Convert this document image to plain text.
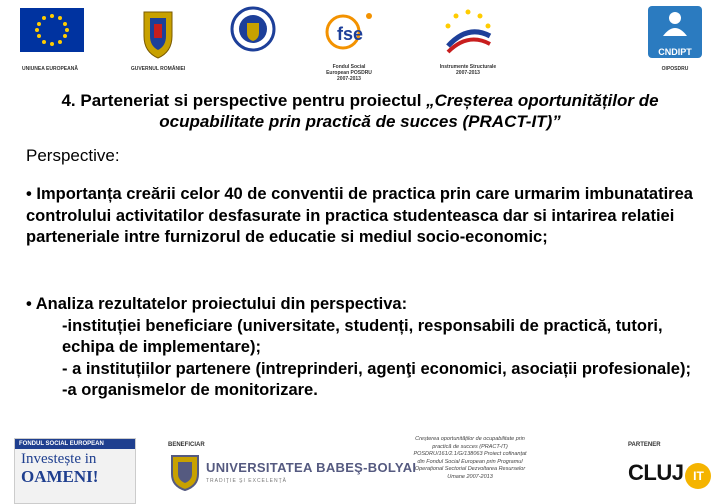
UNIUNEA EUROPEANĂ	GUVERNUL ROMÂNIEI
fse
Fondul Social European POSDRU 2007-2013
Instrumente Structurale 2007-2013
CNDIPT
OIPOSDRU
4. Parteneriat si perspective pentru proiectul „Creșterea oportunităților de ocupabilitate prin practică de succes (PRACT-IT)”
Perspective:
• Importanța creării celor 40 de conventii de practica prin care urmarim imbunatatirea controlului activitatilor desfasurate in practica studenteasca dar si intarirea relatiei parteneriale intre furnizorul de educatie si mediul socio-economic;
• Analiza rezultatelor proiectului din perspectiva:
-instituției beneficiare (universitate, studenți, responsabili de practică, tutori, echipa de implementare);
- a instituțiilor partenere (intreprinderi, agenţi economici, asociații profesionale);
-a organismelor de monitorizare.
FONDUL SOCIAL EUROPEAN
Investește in
OAMENI!
BENEFICIAR
UNIVERSITATEA BABEŞ-BOLYAI
TRADIŢIE ŞI EXCELENŢĂ
Creșterea oportunităților de ocupabilitate prin practică de succes (PRACT-IT) POSDRU/161/2.1/G/138063 Proiect cofinanțat din Fondul Social European prin Programul Operațional Sectorial Dezvoltarea Resurselor Umane 2007-2013
PARTENER
CLUJ IT
